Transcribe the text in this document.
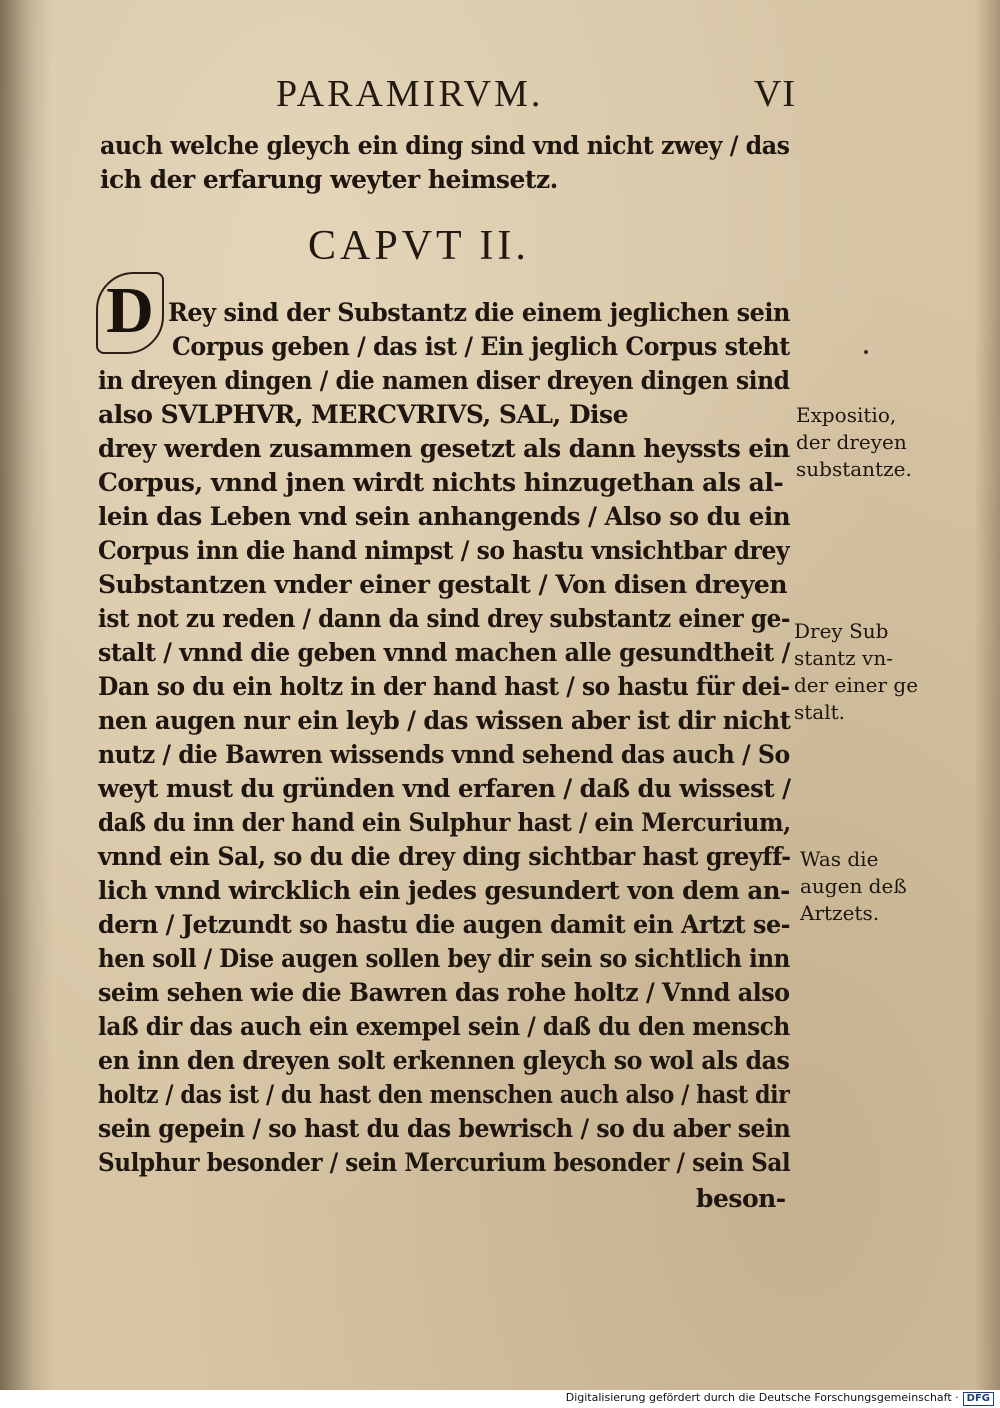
PARAMIRVM.	VI
auch welche gleych ein ding sind vnd nicht zwey / das
ich der erfarung weyter heimsetz.
CAPVT II.
D Rey sind der Substantz die einem jeglichen sein
Corpus geben / das ist / Ein jeglich Corpus steht
in dreyen dingen / die namen diser dreyen dingen sind
also SVLPHVR, MERCVRIVS, SAL, Dise
drey werden zusammen gesetzt als dann heyssts ein
Corpus, vnnd jnen wirdt nichts hinzugethan als al-
lein das Leben vnd sein anhangends / Also so du ein
Corpus inn die hand nimpst / so hastu vnsichtbar drey
Substantzen vnder einer gestalt / Von disen dreyen
ist not zu reden / dann da sind drey substantz einer ge-
stalt / vnnd die geben vnnd machen alle gesundtheit /
Dan so du ein holtz in der hand hast / so hastu für dei-
nen augen nur ein leyb / das wissen aber ist dir nicht
nutz / die Bawren wissends vnnd sehend das auch / So
weyt must du gründen vnd erfaren / daß du wissest /
daß du inn der hand ein Sulphur hast / ein Mercurium,
vnnd ein Sal, so du die drey ding sichtbar hast greyff-
lich vnnd wircklich ein jedes gesundert von dem an-
dern / Jetzundt so hastu die augen damit ein Artzt se-
hen soll / Dise augen sollen bey dir sein so sichtlich inn
seim sehen wie die Bawren das rohe holtz / Vnnd also
laß dir das auch ein exempel sein / daß du den mensch
en inn den dreyen solt erkennen gleych so wol als das
holtz / das ist / du hast den menschen auch also / hast dir
sein gepein / so hast du das bewrisch / so du aber sein
Sulphur besonder / sein Mercurium besonder / sein Sal
beson-
Expositio,
der dreyen
substantze.
Drey Sub
stantz vn-
der einer ge
stalt.
Was die
augen deß
Artzets.
Digitalisierung gefördert durch die Deutsche Forschungsgemeinschaft · DFG
